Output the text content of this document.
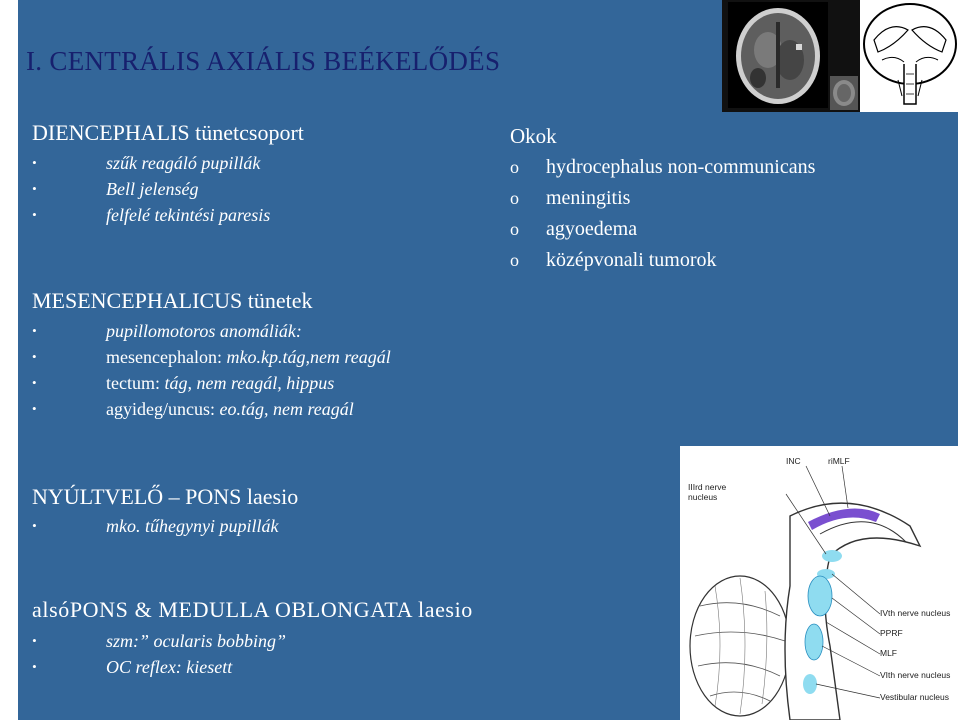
I. CENTRÁLIS AXIÁLIS BEÉKELŐDÉS
DIENCEPHALIS tünetcsoport
•	szűk reagáló pupillák
•	Bell jelenség
•	felfelé tekintési paresis
Okok
o hydrocephalus non-communicans
o meningitis
o agyoedema
o középvonali tumorok
MESENCEPHALICUS tünetek
•	pupillomotoros anomáliák:
•	mesencephalon: mko.kp.tág,nem reagál
•	tectum: tág, nem reagál, hippus
•	agyideg/uncus: eo.tág, nem reagál
NYÚLTVELŐ – PONS laesio
•	mko. tűhegynyi pupillák
alsóPONS & MEDULLA OBLONGATA laesio
•	szm:” ocularis bobbing”
•	OC reflex: kiesett
INC	riMLF
IIIrd nerve nucleus
IVth nerve nucleus
PPRF
MLF
VIth nerve nucleus
Vestibular nucleus
